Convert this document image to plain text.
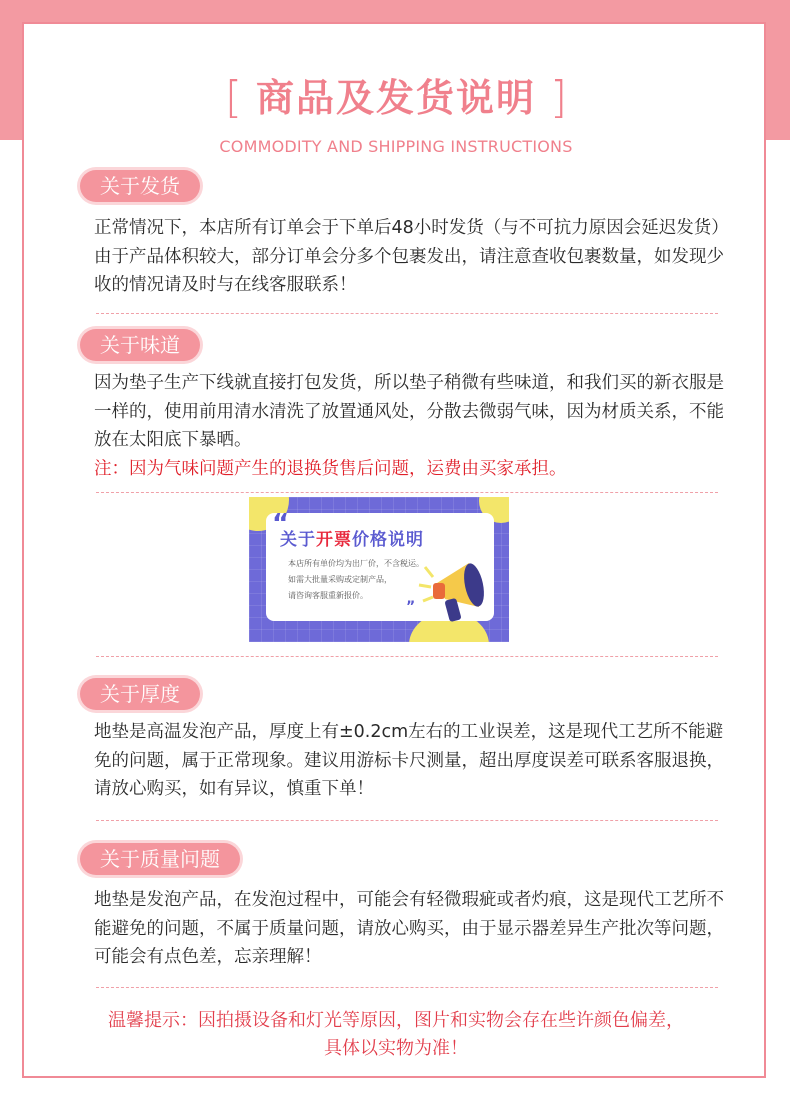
[ 商品及发货说明 ]
COMMODITY AND SHIPPING INSTRUCTIONS
关于发货

正常情况下，本店所有订单会于下单后48小时发货（与不可抗力原因会延迟发货）由于产品体积较大，部分订单会分多个包裹发出，请注意查收包裹数量，如发现少收的情况请及时与在线客服联系！

关于味道

因为垫子生产下线就直接打包发货，所以垫子稍微有些味道，和我们买的新衣服是一样的，使用前用清水清洗了放置通风处，分散去微弱气味，因为材质关系，不能放在太阳底下暴晒。
注：因为气味问题产生的退换货售后问题，运费由买家承担。

“
关于开票价格说明
本店所有单价均为出厂价，不含税运。
如需大批量采购或定制产品，
请咨询客服重新报价。
”
关于厚度

地垫是高温发泡产品，厚度上有±0.2cm左右的工业误差，这是现代工艺所不能避免的问题，属于正常现象。建议用游标卡尺测量，超出厚度误差可联系客服退换，请放心购买，如有异议，慎重下单！

关于质量问题

地垫是发泡产品，在发泡过程中，可能会有轻微瑕疵或者灼痕，这是现代工艺所不能避免的问题，不属于质量问题，请放心购买，由于显示器差异生产批次等问题，可能会有点色差，忘亲理解！

温馨提示：因拍摄设备和灯光等原因，图片和实物会存在些许颜色偏差，
具体以实物为准！
